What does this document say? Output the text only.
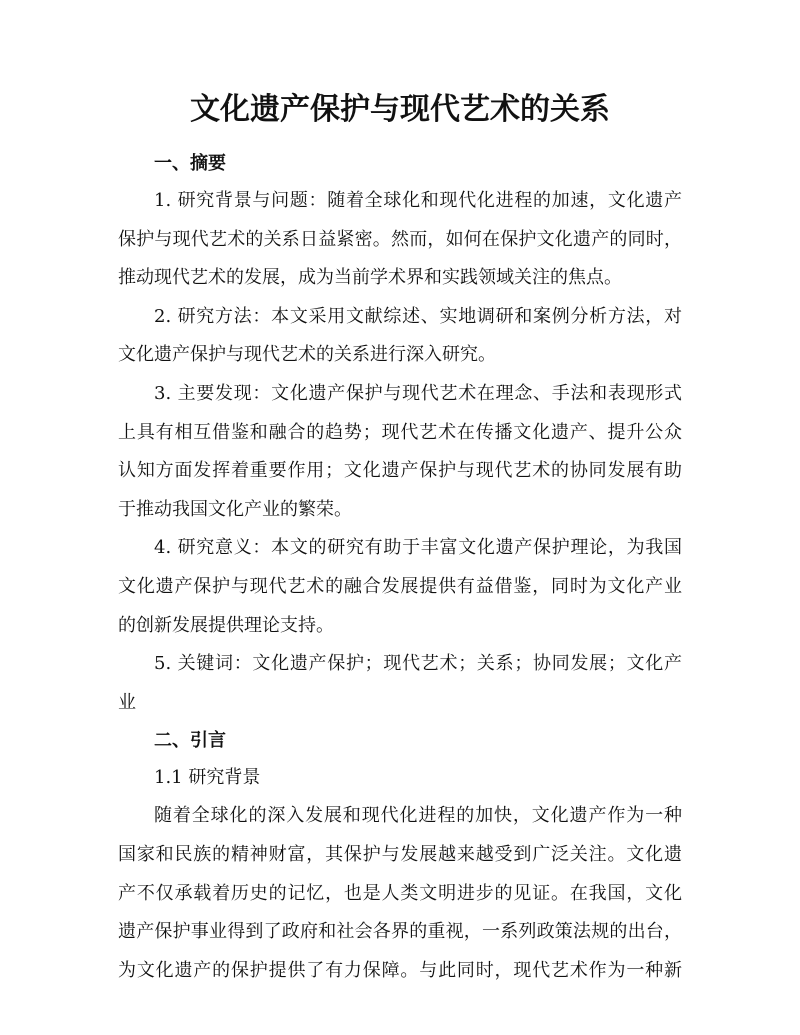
文化遗产保护与现代艺术的关系
一、摘要

1. 研究背景与问题：随着全球化和现代化进程的加速，文化遗产
保护与现代艺术的关系日益紧密。然而，如何在保护文化遗产的同时，
推动现代艺术的发展，成为当前学术界和实践领域关注的焦点。

2. 研究方法：本文采用文献综述、实地调研和案例分析方法，对
文化遗产保护与现代艺术的关系进行深入研究。

3. 主要发现：文化遗产保护与现代艺术在理念、手法和表现形式
上具有相互借鉴和融合的趋势；现代艺术在传播文化遗产、提升公众
认知方面发挥着重要作用；文化遗产保护与现代艺术的协同发展有助
于推动我国文化产业的繁荣。

4. 研究意义：本文的研究有助于丰富文化遗产保护理论，为我国
文化遗产保护与现代艺术的融合发展提供有益借鉴，同时为文化产业
的创新发展提供理论支持。

5. 关键词：文化遗产保护；现代艺术；关系；协同发展；文化产
业

二、引言
1.1 研究背景

随着全球化的深入发展和现代化进程的加快，文化遗产作为一种
国家和民族的精神财富，其保护与发展越来越受到广泛关注。文化遗
产不仅承载着历史的记忆，也是人类文明进步的见证。在我国，文化
遗产保护事业得到了政府和社会各界的重视，一系列政策法规的出台，
为文化遗产的保护提供了有力保障。与此同时，现代艺术作为一种新
